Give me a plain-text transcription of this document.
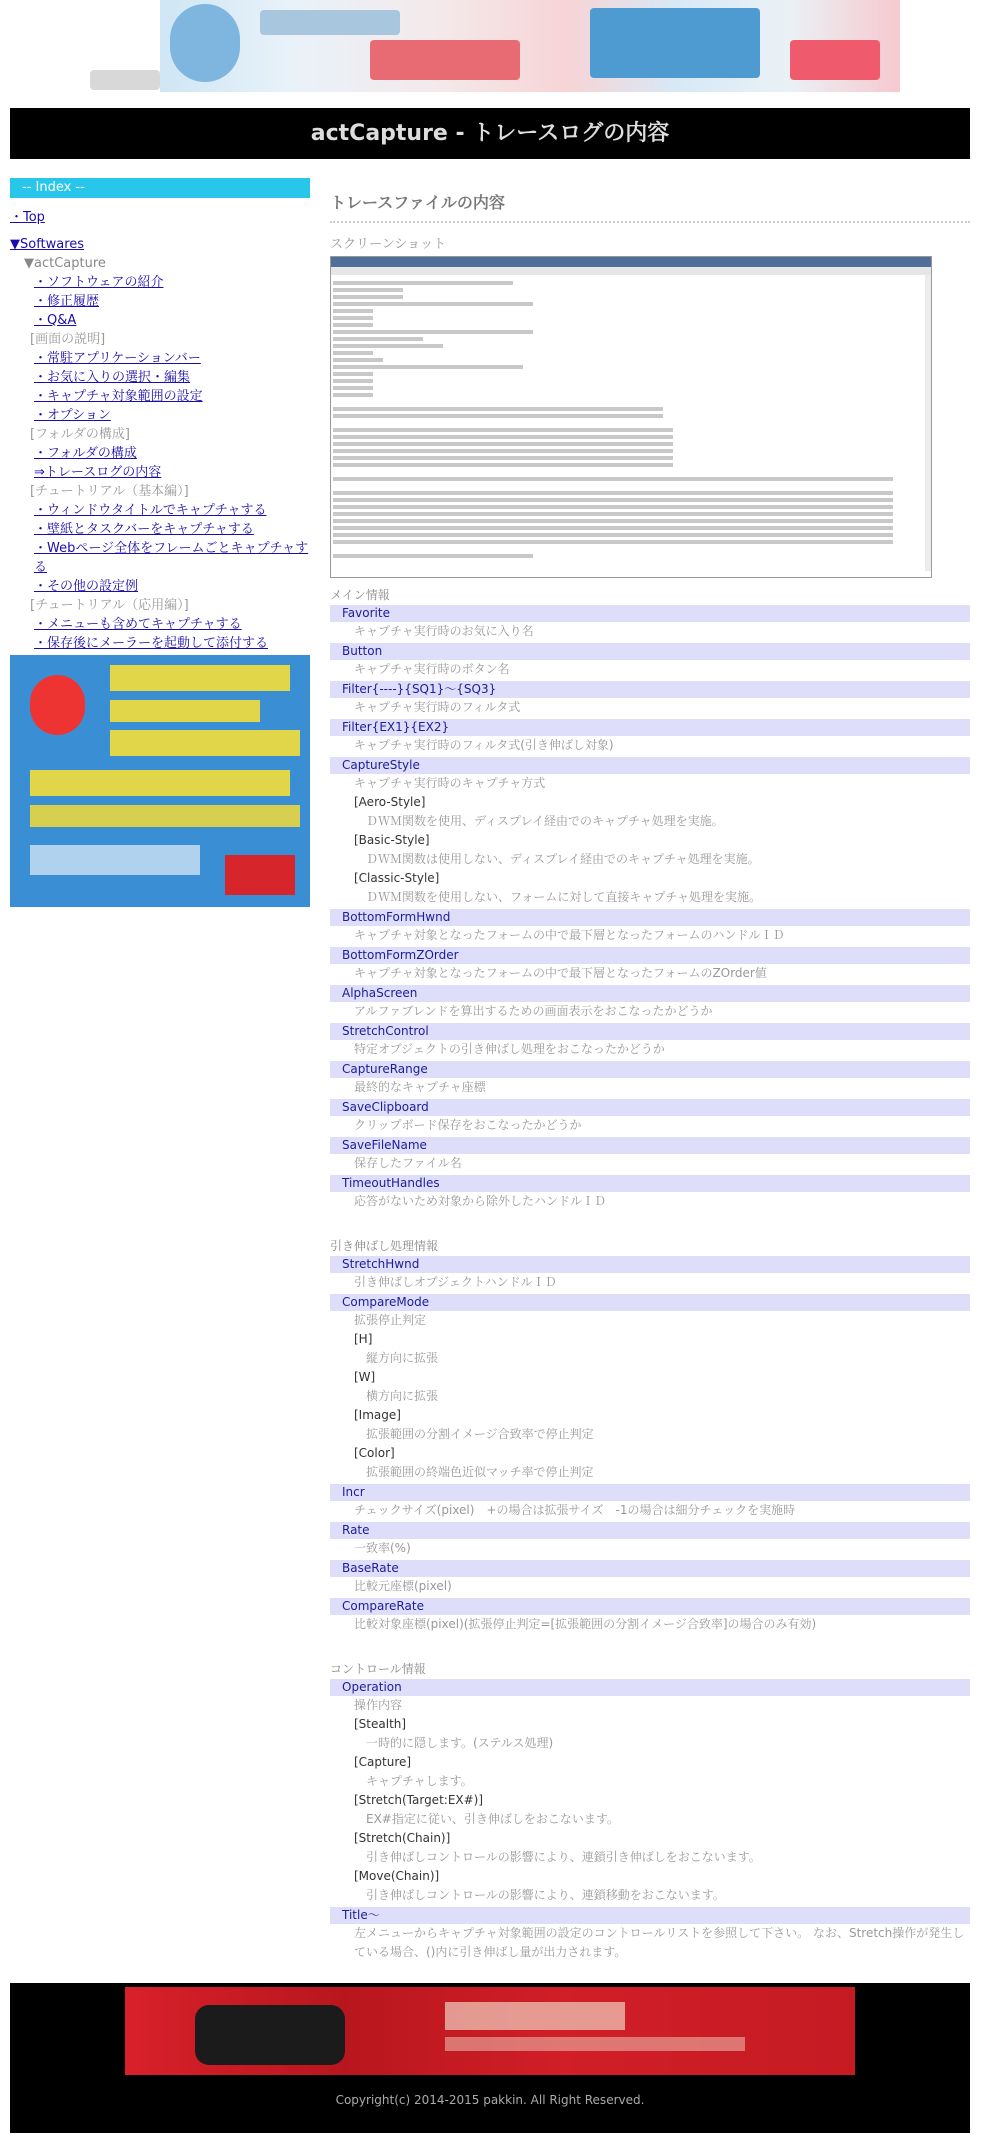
actCapture - トレースログの内容
-- Index --
・Top
▼Softwares
▼actCapture
・ソフトウェアの紹介
・修正履歴
・Q&A
[画面の説明]
・常駐アプリケーションバー
・お気に入りの選択・編集
・キャプチャ対象範囲の設定
・オプション
[フォルダの構成]
・フォルダの構成
⇒トレースログの内容
[チュートリアル（基本編）]
・ウィンドウタイトルでキャプチャする
・壁紙とタスクバーをキャプチャする
・Webページ全体をフレームごとキャプチャする
・その他の設定例
[チュートリアル（応用編）]
・メニューも含めてキャプチャする
・保存後にメーラーを起動して添付する
トレースファイルの内容
スクリーンショット
メイン情報
Favorite
キャプチャ実行時のお気に入り名
Button
キャプチャ実行時のボタン名
Filter{----}{SQ1}～{SQ3}
キャプチャ実行時のフィルタ式
Filter{EX1}{EX2}
キャプチャ実行時のフィルタ式(引き伸ばし対象)
CaptureStyle
キャプチャ実行時のキャプチャ方式
[Aero-Style]
ＤＷＭ関数を使用、ディスプレイ経由でのキャプチャ処理を実施。
[Basic-Style]
ＤＷＭ関数は使用しない、ディスプレイ経由でのキャプチャ処理を実施。
[Classic-Style]
ＤＷＭ関数を使用しない、フォームに対して直接キャプチャ処理を実施。
BottomFormHwnd
キャプチャ対象となったフォームの中で最下層となったフォームのハンドルＩＤ
BottomFormZOrder
キャプチャ対象となったフォームの中で最下層となったフォームのZOrder値
AlphaScreen
アルファブレンドを算出するための画面表示をおこなったかどうか
StretchControl
特定オブジェクトの引き伸ばし処理をおこなったかどうか
CaptureRange
最終的なキャプチャ座標
SaveClipboard
クリップボード保存をおこなったかどうか
SaveFileName
保存したファイル名
TimeoutHandles
応答がないため対象から除外したハンドルＩＤ
引き伸ばし処理情報
StretchHwnd
引き伸ばしオブジェクトハンドルＩＤ
CompareMode
拡張停止判定
[H]
縦方向に拡張
[W]
横方向に拡張
[Image]
拡張範囲の分割イメージ合致率で停止判定
[Color]
拡張範囲の終端色近似マッチ率で停止判定
Incr
チェックサイズ(pixel)　+の場合は拡張サイズ　-1の場合は細分チェックを実施時
Rate
一致率(%)
BaseRate
比較元座標(pixel)
CompareRate
比較対象座標(pixel)(拡張停止判定=[拡張範囲の分割イメージ合致率]の場合のみ有効)
コントロール情報
Operation
操作内容
[Stealth]
一時的に隠します。(ステルス処理)
[Capture]
キャプチャします。
[Stretch(Target:EX#)]
EX#指定に従い、引き伸ばしをおこないます。
[Stretch(Chain)]
引き伸ばしコントロールの影響により、連鎖引き伸ばしをおこないます。
[Move(Chain)]
引き伸ばしコントロールの影響により、連鎖移動をおこないます。
Title～
左メニューからキャプチャ対象範囲の設定のコントロールリストを参照して下さい。 なお、Stretch操作が発生している場合、()内に引き伸ばし量が出力されます。
Copyright(c) 2014-2015 pakkin. All Right Reserved.
